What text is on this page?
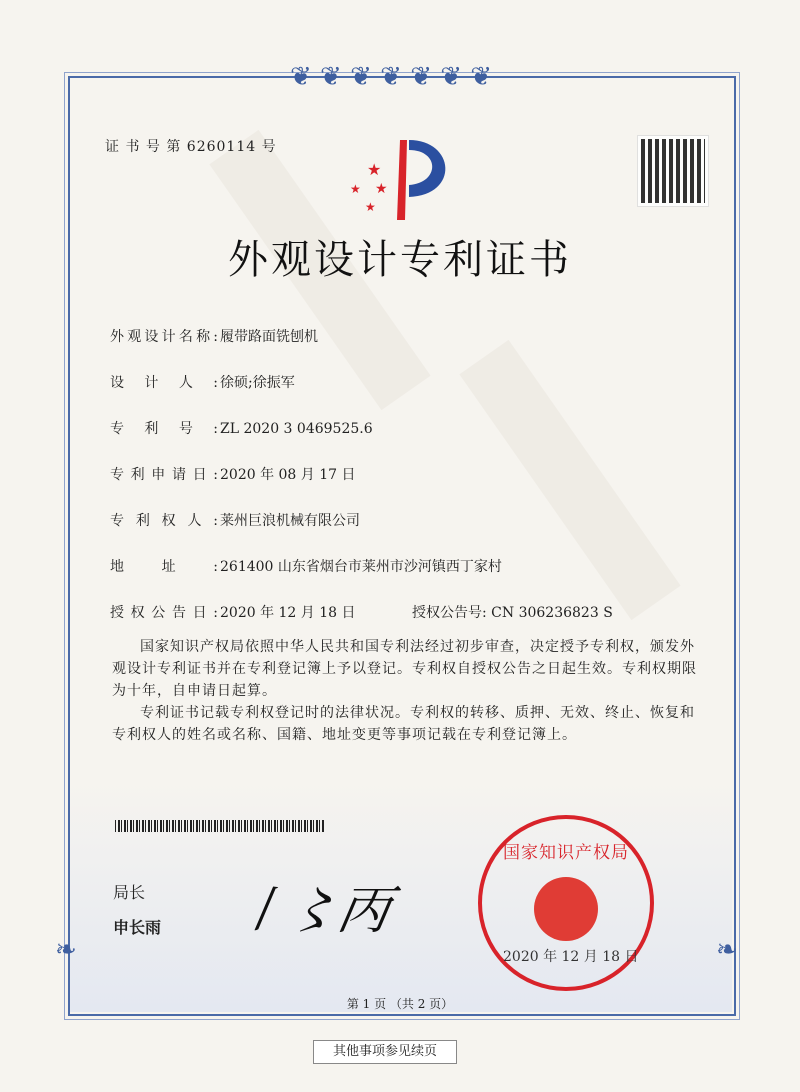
❦ ❦ ❦ ❦ ❦ ❦ ❦
❧	❧
证 书 号 第 6260114 号
★
★ ★
★
外观设计专利证书
外观设计名称: 履带路面铣刨机
设计人: 徐硕;徐振军
专利号: ZL 2020 3 0469525.6
专利申请日: 2020 年 08 月 17 日
专利权人: 莱州巨浪机械有限公司
地址: 261400 山东省烟台市莱州市沙河镇西丁家村
授权公告日: 2020 年 12 月 18 日	授权公告号: CN 306236823 S

国家知识产权局依照中华人民共和国专利法经过初步审查，决定授予专利权，颁发外观设计专利证书并在专利登记簿上予以登记。专利权自授权公告之日起生效。专利权期限为十年，自申请日起算。

专利证书记载专利权登记时的法律状况。专利权的转移、质押、无效、终止、恢复和专利权人的姓名或名称、国籍、地址变更等事项记载在专利登记簿上。

局长
申长雨 〡〻丙
国家知识产权局
2020 年 12 月 18 日
第 1 页 （共 2 页）
其他事项参见续页
